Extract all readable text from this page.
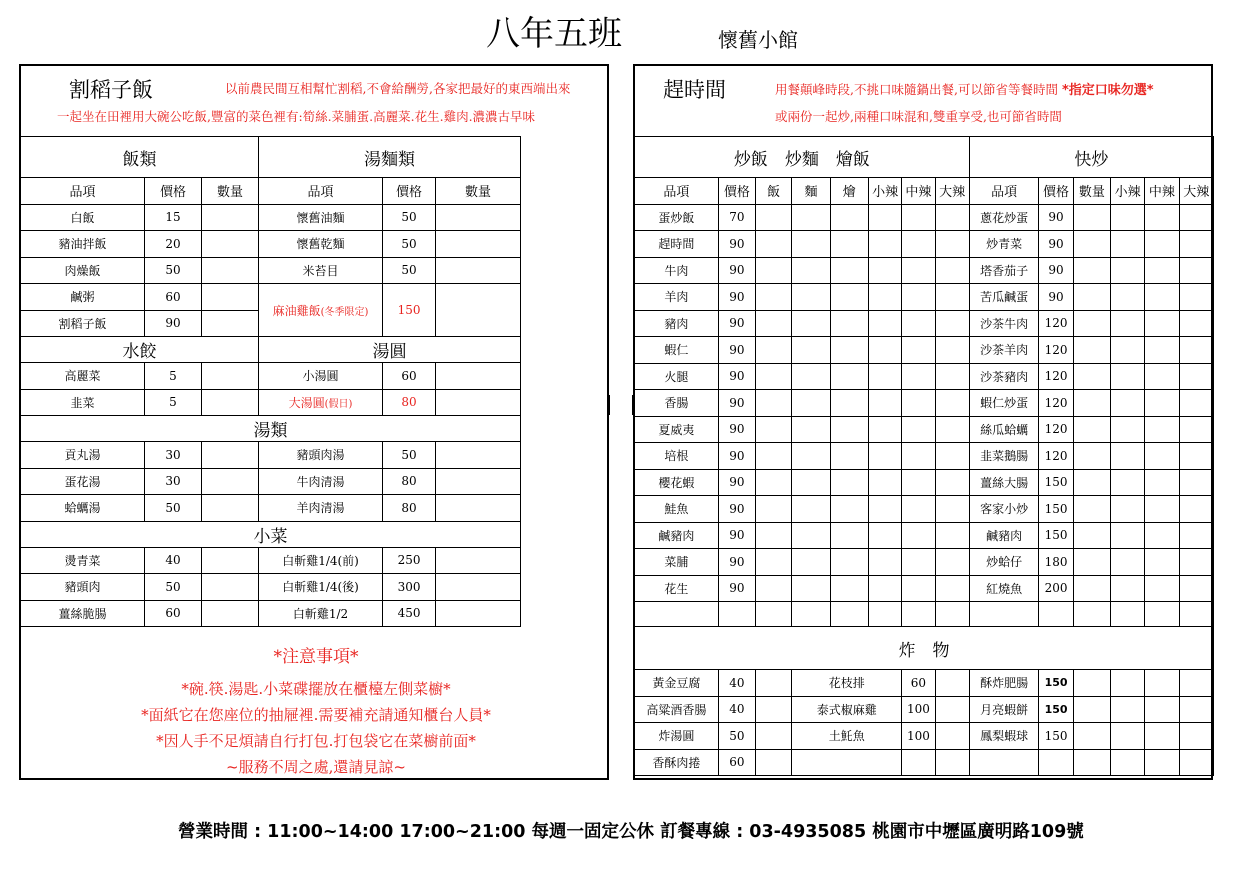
八年五班	懷舊小館
割稻子飯	以前農民間互相幫忙割稻,不會給酬勞,各家把最好的東西端出來
一起坐在田裡用大碗公吃飯,豐富的菜色裡有:筍絲.菜脯蛋.高麗菜.花生.雞肉.濃濃古早味
飯類			湯麵類		
品項	價格	數量	品項	價格	數量
白飯	15		懷舊油麵	50	
豬油拌飯	20		懷舊乾麵	50	
肉燥飯	50		米苔目	50	
鹹粥	60		麻油雞飯(冬季限定)	150	
割稻子飯	90				
水餃			湯圓		
高麗菜	5		小湯圓	60	
韭菜	5		大湯圓(假日)	80	
湯類					
貢丸湯	30		豬頭肉湯	50	
蛋花湯	30		牛肉清湯	80	
蛤蠣湯	50		羊肉清湯	80	
小菜					
燙青菜	40		白斬雞1/4(前)	250	
豬頭肉	50		白斬雞1/4(後)	300	
薑絲脆腸	60		白斬雞1/2	450	
*注意事項*
*碗.筷.湯匙.小菜碟擺放在櫃檯左側菜櫥*
*面紙它在您座位的抽屜裡.需要補充請通知櫃台人員*
*因人手不足煩請自行打包.打包袋它在菜櫥前面*
~服務不周之處,還請見諒~
趕時間	用餐顛峰時段,不挑口味隨鍋出餐,可以節省等餐時間 *指定口味勿選*
或兩份一起炒,兩種口味混和,雙重享受,也可節省時間
炒飯　炒麵　燴飯								快炒					
品項	價格	飯	麵	燴	小辣	中辣	大辣	品項	價格	數量	小辣	中辣	大辣
蛋炒飯	70							蔥花炒蛋	90				
趕時間	90							炒青菜	90				
牛肉	90							塔香茄子	90				
羊肉	90							苦瓜鹹蛋	90				
豬肉	90							沙茶牛肉	120				
蝦仁	90							沙茶羊肉	120				
火腿	90							沙茶豬肉	120				
香腸	90							蝦仁炒蛋	120				
夏威夷	90							絲瓜蛤蠣	120				
培根	90							韭菜鵝腸	120				
櫻花蝦	90							薑絲大腸	150				
鮭魚	90							客家小炒	150				
鹹豬肉	90							鹹豬肉	150				
菜脯	90							炒蛤仔	180				
花生	90							紅燒魚	200				

炸　物													
黃金豆腐	40		花枝排			60		酥炸肥腸	150				
高粱酒香腸	40		泰式椒麻雞			100		月亮蝦餅	150				
炸湯圓	50		土魠魚			100		鳳梨蝦球	150				
香酥肉捲	60												
營業時間 : 11:00~14:00 17:00~21:00 每週一固定公休 訂餐專線 : 03-4935085 桃園市中壢區廣明路109號
